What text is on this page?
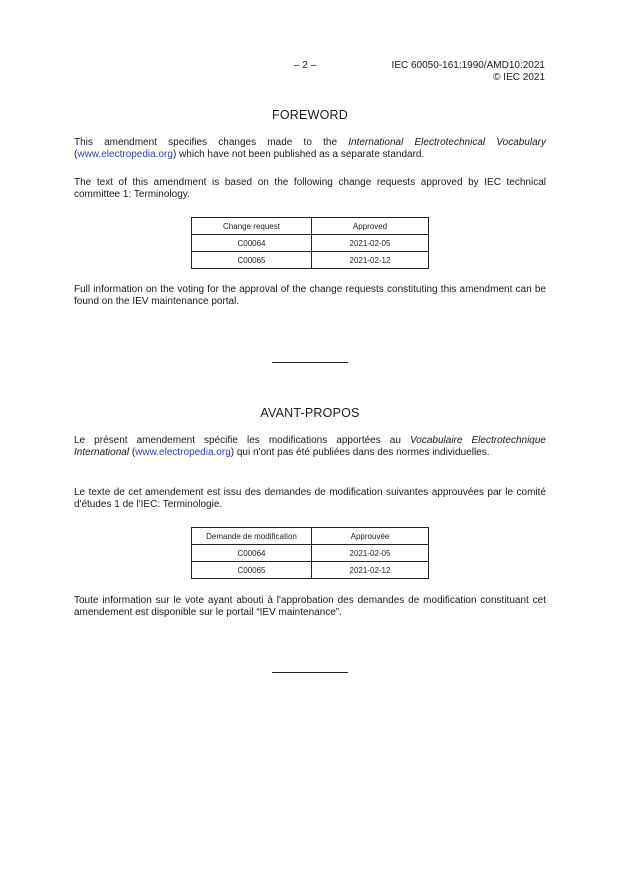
– 2 –	IEC 60050-161:1990/AMD10:2021
© IEC 2021
FOREWORD
This amendment specifies changes made to the International Electrotechnical Vocabulary (www.electropedia.org) which have not been published as a separate standard.
The text of this amendment is based on the following change requests approved by IEC technical committee 1: Terminology.
Change request	Approved
C00064	2021-02-05
C00065	2021-02-12
Full information on the voting for the approval of the change requests constituting this amendment can be found on the IEV maintenance portal.
AVANT-PROPOS
Le présent amendement spécifie les modifications apportées au Vocabulaire Electrotechnique International (www.electropedia.org) qui n'ont pas été publiées dans des normes individuelles.
Le texte de cet amendement est issu des demandes de modification suivantes approuvées par le comité d'études 1 de l'IEC: Terminologie.
Demande de modification	Approuvée
C00064	2021-02-05
C00065	2021-02-12
Toute information sur le vote ayant abouti à l'approbation des demandes de modification constituant cet amendement est disponible sur le portail “IEV maintenance”.
